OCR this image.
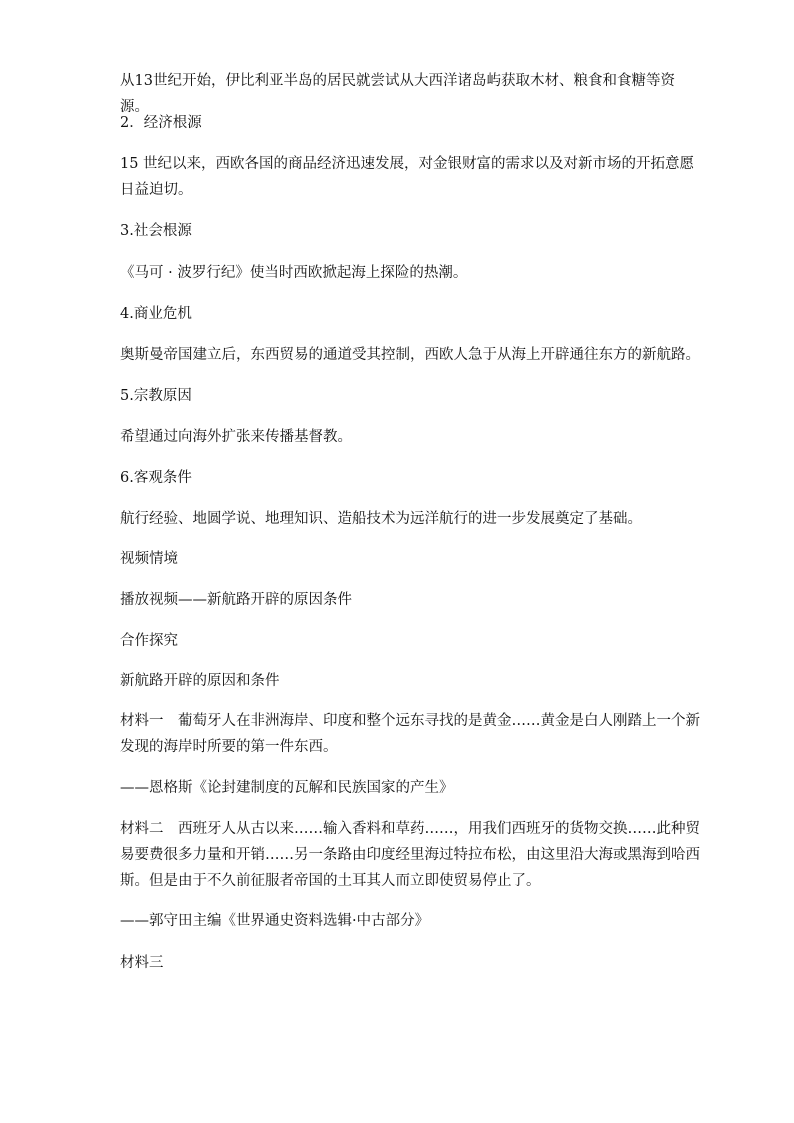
从13世纪开始，伊比利亚半岛的居民就尝试从大西洋诸岛屿获取木材、粮食和食糖等资源。

2．经济根源

15 世纪以来，西欧各国的商品经济迅速发展，对金银财富的需求以及对新市场的开拓意愿日益迫切。

3.社会根源

《马可 · 波罗行纪》使当时西欧掀起海上探险的热潮。

4.商业危机

奥斯曼帝国建立后，东西贸易的通道受其控制，西欧人急于从海上开辟通往东方的新航路。

5.宗教原因

希望通过向海外扩张来传播基督教。

6.客观条件

航行经验、地圆学说、地理知识、造船技术为远洋航行的进一步发展奠定了基础。

视频情境

播放视频——新航路开辟的原因条件

合作探究

新航路开辟的原因和条件

材料一　葡萄牙人在非洲海岸、印度和整个远东寻找的是黄金……黄金是白人刚踏上一个新发现的海岸时所要的第一件东西。

——恩格斯《论封建制度的瓦解和民族国家的产生》

材料二　西班牙人从古以来……输入香料和草药……，用我们西班牙的货物交换……此种贸易要费很多力量和开销……另一条路由印度经里海过特拉布松，由这里沿大海或黑海到哈西斯。但是由于不久前征服者帝国的土耳其人而立即使贸易停止了。

——郭守田主编《世界通史资料选辑·中古部分》

材料三
